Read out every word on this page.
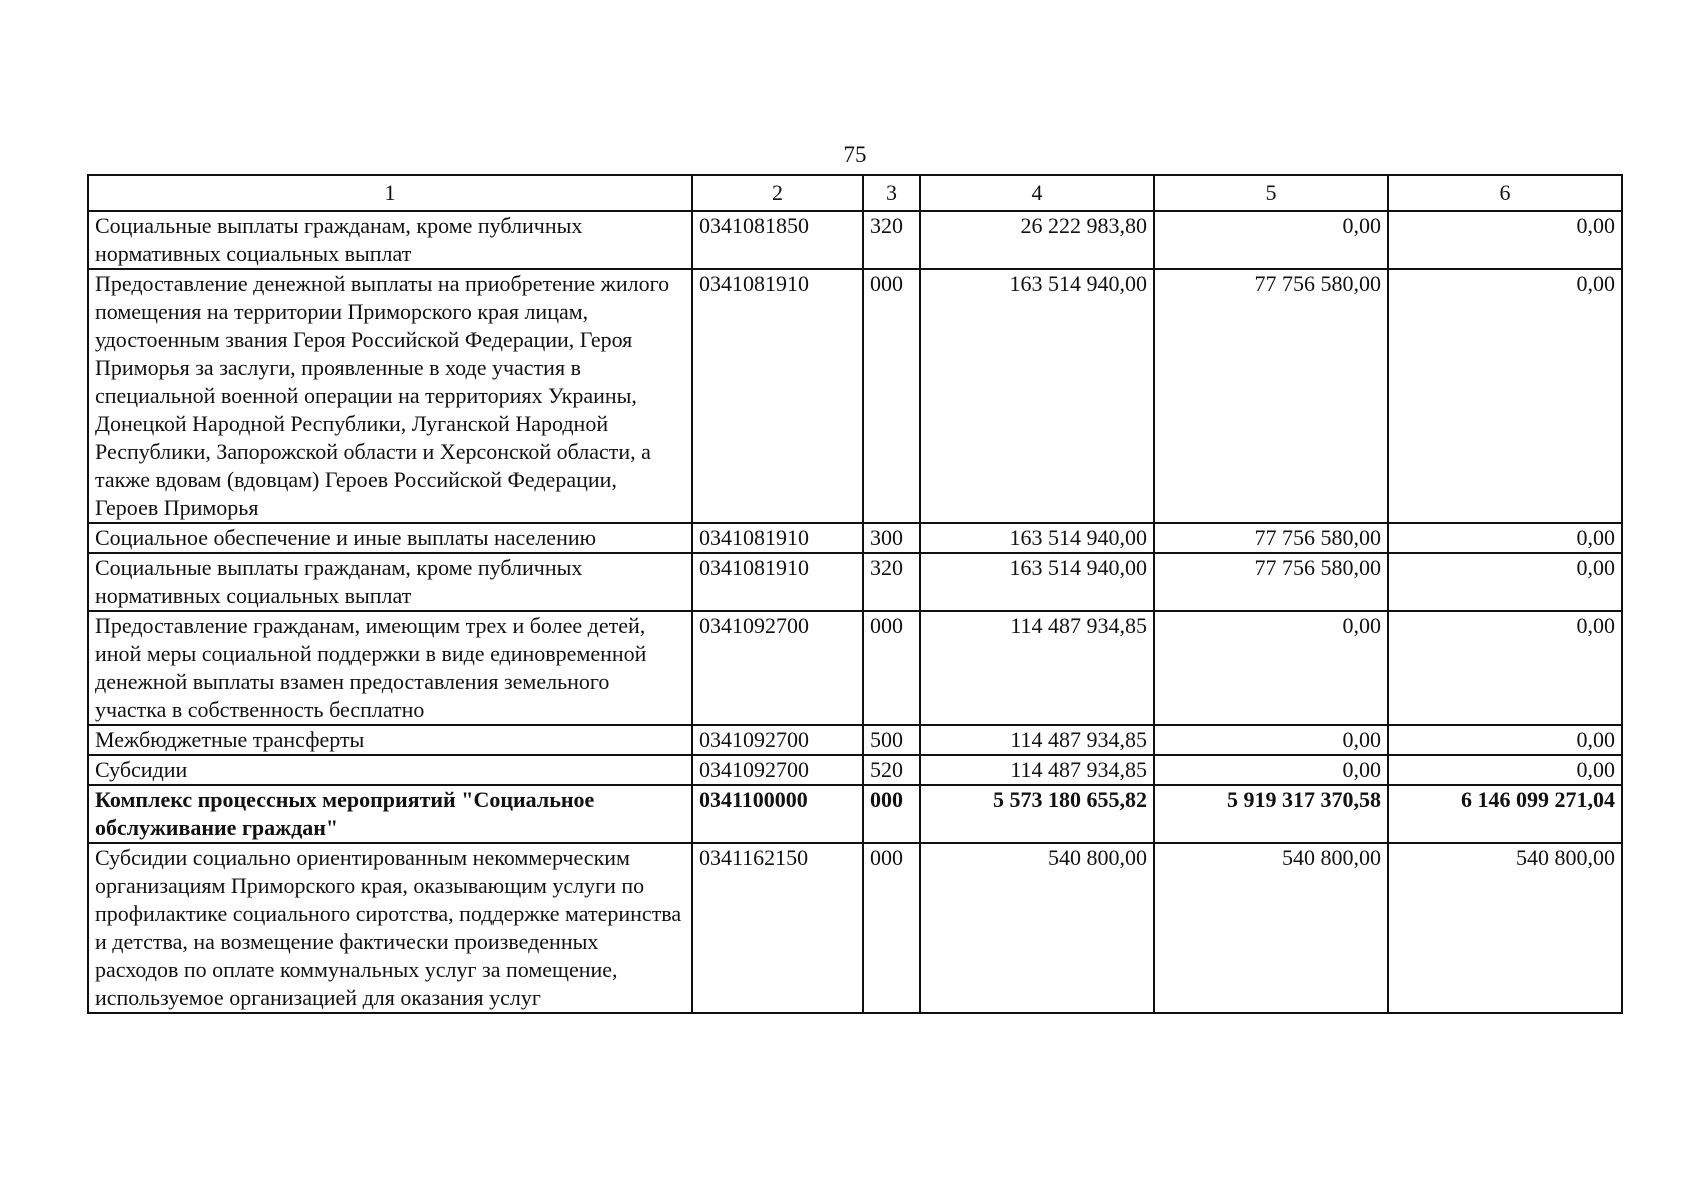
75
1	2	3	4	5	6
Социальные выплаты гражданам, кроме публичных нормативных социальных выплат	0341081850	320	26 222 983,80	0,00	0,00
Предоставление денежной выплаты на приобретение жилого помещения на территории Приморского края лицам, удостоенным звания Героя Российской Федерации, Героя Приморья за заслуги, проявленные в ходе участия в специальной военной операции на территориях Украины, Донецкой Народной Республики, Луганской Народной Республики, Запорожской области и Херсонской области, а также вдовам (вдовцам) Героев Российской Федерации, Героев Приморья	0341081910	000	163 514 940,00	77 756 580,00	0,00
Социальное обеспечение и иные выплаты населению	0341081910	300	163 514 940,00	77 756 580,00	0,00
Социальные выплаты гражданам, кроме публичных нормативных социальных выплат	0341081910	320	163 514 940,00	77 756 580,00	0,00
Предоставление гражданам, имеющим трех и более детей, иной меры социальной поддержки в виде единовременной денежной выплаты взамен предоставления земельного участка в собственность бесплатно	0341092700	000	114 487 934,85	0,00	0,00
Межбюджетные трансферты	0341092700	500	114 487 934,85	0,00	0,00
Субсидии	0341092700	520	114 487 934,85	0,00	0,00
Комплекс процессных мероприятий "Социальное обслуживание граждан"	0341100000	000	5 573 180 655,82	5 919 317 370,58	6 146 099 271,04
Субсидии социально ориентированным некоммерческим организациям Приморского края, оказывающим услуги по профилактике социального сиротства, поддержке материнства и детства, на возмещение фактически произведенных расходов по оплате коммунальных услуг за помещение, используемое организацией для оказания услуг	0341162150	000	540 800,00	540 800,00	540 800,00
